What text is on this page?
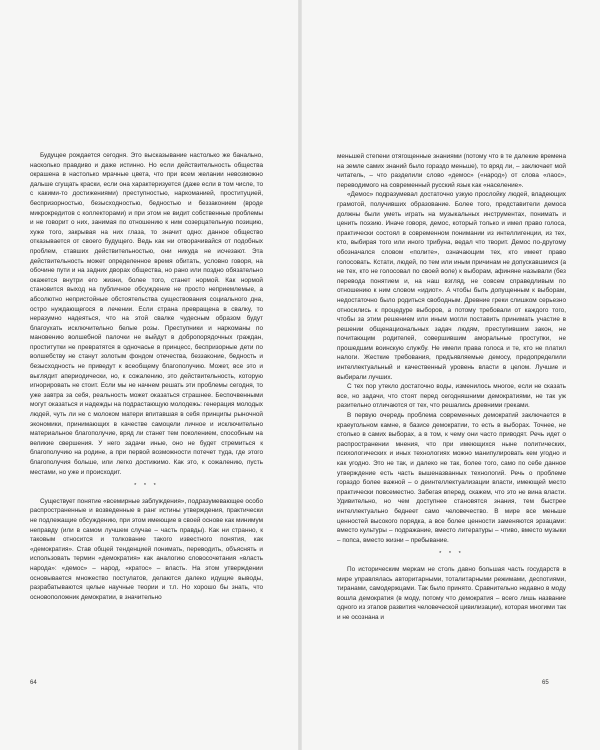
Будущее рождается сегодня. Это высказывание настолько же банально, насколько правдиво и даже истинно. Но если действительность общества окрашена в настолько мрачные цвета, что при всем желании невозможно дальше сгущать краски, если она характеризуется (даже если в том числе, то с какими-то достижениями) преступностью, наркоманией, проституцией, беспризорностью, безысходностью, бедностью и беззаконием (вроде микрокредитов с коллекторами) и при этом не видит собственные проблемы и не говорит о них, занимая по отношению к ним созерцательную позицию, хуже того, закрывая на них глаза, то значит одно: данное общество отказывается от своего будущего. Ведь как ни отворачивайся от подобных проблем, ставших действительностью, они никуда не исчезают. Эта действительность может определенное время обитать, условно говоря, на обочине пути и на задних дворах общества, но рано или поздно обязательно окажется внутри его жизни, более того, станет нормой. Как нормой становится выход на публичное обсуждение не просто неприемлемые, а абсолютно непристойные обстоятельства существования социального дна, остро нуждающегося в лечении. Если страна превращена в свалку, то неразумно надеяться, что на этой свалке чудесным образом будут благоухать исключительно белые розы. Преступники и наркоманы по мановению волшебной палочки не выйдут в добропорядочных граждан, проститутки не превратятся в одночасье в принцесс, беспризорные дети по волшебству не станут золотым фондом отечества, беззаконие, бедность и безысходность не приведут к всеобщему благополучию. Может, все это и выглядит апериодически, но, к сожалению, это действительность, которую игнорировать не стоит. Если мы не начнем решать эти проблемы сегодня, то уже завтра за себя, реальность может оказаться страшнее. Беспочвенными могут оказаться и надежды на подрастающую молодежь: генерация молодых людей, чуть ли не с молоком матери впитавшая в себя принципы рыночной экономики, принимающих в качестве самоцели личное и исключительно материальное благополучие, вряд ли станет тем поколением, способным на великие свершения. У него задачи иные, оно не будет стремиться к благополучию на родине, а при первой возможности потечет туда, где этого благополучия больше, или легко достижимо. Как это, к сожалению, пусть местами, но уже и происходит.

* * *

Существует понятие «всемирные заблуждения», подразумевающее особо распространенные и возведенные в ранг истины утверждения, практически не подлежащие обсуждению, при этом имеющие в своей основе как минимум неправду (или в самом лучшем случае – часть правды). Как ни странно, к таковым относится и толкование такого известного понятия, как «демократия». Став общей тенденцией понимать, переводить, объяснять и использовать термин «демократия» как аналогию словосочетания «власть народа»: «демос» – народ, «кратос» – власть. На этом утверждении основывается множество постулатов, делаются далеко идущие выводы, разрабатываются целые научные теории и т.п. Но хорошо бы знать, что основоположник демократии, в значительно

64

меньшей степени отягощенные знаниями (потому что в те далекие времена на земле самих знаний было гораздо меньше), то вряд ли, – заключает мой читатель, – что разделили слово «демос» («народ») от слова «лаос», переводимого на современный русский язык как «население».

«Демос» подразумевал достаточно узкую прослойку людей, владеющих грамотой, получивших образование. Более того, представители демоса должны были уметь играть на музыкальных инструментах, понимать и ценить поэзию. Иначе говоря, демос, который только и имел право голоса, практически состоял в современном понимании из интеллигенции, из тех, кто, выбирая того или иного трибуна, ведал что творит. Демос по-другому обозначался словом «полите», означающим тех, кто имеет право голосовать. Кстати, людей, по тем или иным причинам не допускавшимся (а не тех, кто не голосовал по своей воле) к выборам, афиняне называли (без перевода понятием и, на наш взгляд, не совсем справедливым по отношению к ним словом «идиот». А чтобы быть допущенным к выборам, недостаточно было родиться свободным. Древние греки слишком серьезно относились к процедуре выборов, а потому требовали от каждого того, чтобы за этим решением или иным могли поставить принимать участие в решении общенациональных задач людям, преступившим закон, не почитающим родителей, совершившим аморальные проступки, не прошедшим воинскую службу. Не имели права голоса и те, кто не платил налоги. Жесткие требования, предъявляемые демосу, предопределили интеллектуальный и качественный уровень власти в целом. Лучшие и выбирали лучших.

С тех пор утекло достаточно воды, изменилось многое, если не сказать все, но задачи, что стоят перед сегодняшними демократиями, не так уж разительно отличаются от тех, что решались древними греками.

В первую очередь проблема современных демократий заключается в краеугольном камне, в базисе демократии, то есть в выборах. Точнее, не столько в самих выборах, а в том, к чему они часто приводят. Речь идет о распространении мнения, что при имеющихся ныне политических, психологических и иных технологиях можно манипулировать кем угодно и как угодно. Это не так, и далеко не так, более того, само по себе данное утверждение есть часть вышеназванных технологий. Речь о проблеме гораздо более важной – о деинтеллектуализации власти, имеющей место практически повсеместно. Забегая вперед, скажем, что это не вина власти. Удивительно, но чем доступнее становятся знания, тем быстрее интеллектуально беднеет само человечество. В мире все меньше ценностей высокого порядка, а все более ценности заменяются эрзацами: вместо культуры – подражание, вместо литературы – чтиво, вместо музыки – попса, вместо жизни – пребывание.

* * *

По историческим меркам не столь давно большая часть государств в мире управлялась авторитарными, тоталитарными режимами, деспотиями, тиранами, самодержцами. Так было принято. Сравнительно недавно в моду вошла демократия (в моду, потому что демократия – всего лишь название одного из этапов развития человеческой цивилизации), которая многими так и не осознана и

65
